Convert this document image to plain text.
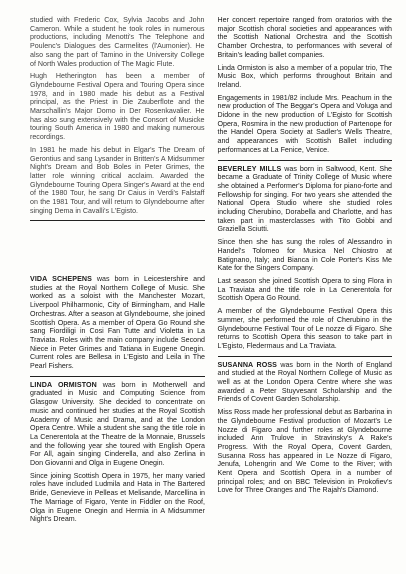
studied with Frederic Cox, Sylvia Jacobs and John Cameron. While a student he took roles in numerous productions, including Menotti's The Telephone and Poulenc's Dialogues des Carmelites (l'Aumonier). He also sang the part of Tamino in the University College of North Wales production of The Magic Flute.

Hugh Hetherington has been a member of Glyndebourne Festival Opera and Touring Opera since 1978, and in 1980 made his debut as a Festival principal, as the Priest in Die Zauberflote and the Marschallin's Major Domo in Der Rosenkavalier. He has also sung extensively with the Consort of Musicke touring South America in 1980 and making numerous recordings.

In 1981 he made his debut in Elgar's The Dream of Gerontius and sang Lysander in Britten's A Midsummer Night's Dream and Bob Boles in Peter Grimes, the latter role winning critical acclaim. Awarded the Glyndebourne Touring Opera Singer's Award at the end of the 1980 Tour, he sang Dr Caius in Verdi's Falstaff on the 1981 Tour, and will return to Glyndebourne after singing Dema in Cavalli's L'Egisto.

Her concert repertoire ranged from oratorios with the major Scottish choral societies and appearances with the Scottish National Orchestra and the Scottish Chamber Orchestra, to performances with several of Britain's leading ballet companies.

Linda Ormiston is also a member of a popular trio, The Music Box, which performs throughout Britain and Ireland.

Engagements in 1981/82 include Mrs. Peachum in the new production of The Beggar's Opera and Voluga and Didone in the new production of L'Egisto for Scottish Opera, Rosmira in the new production of Partenope for the Handel Opera Society at Sadler's Wells Theatre, and appearances with Scottish Ballet including performances at La Fenice, Venice.

BEVERLEY MILLS was born in Saltwood, Kent. She became a Graduate of Trinity College of Music where she obtained a Performer's Diploma for piano-forte and Fellowship for singing. For two years she attended the National Opera Studio where she studied roles including Cherubino, Dorabella and Charlotte, and has taken part in masterclasses with Tito Gobbi and Graziella Sciutti.

Since then she has sung the roles of Alessandro in Handel's Tolomeo for Musica Nel Chiostro at Batignano, Italy; and Bianca in Cole Porter's Kiss Me Kate for the Singers Company.

Last season she joined Scottish Opera to sing Flora in La Traviata and the title role in La Cenerentola for Scottish Opera Go Round.

A member of the Glyndebourne Festival Opera this summer, she performed the role of Cherubino in the Glyndebourne Festival Tour of Le nozze di Figaro. She returns to Scottish Opera this season to take part in L'Egisto, Fledermaus and La Traviata.

SUSANNA ROSS was born in the North of England and studied at the Royal Northern College of Music as well as at the London Opera Centre where she was awarded a Peter Stuyvesant Scholarship and the Friends of Covent Garden Scholarship.

Miss Ross made her professional debut as Barbarina in the Glyndebourne Festival production of Mozart's Le Nozze di Figaro and further roles at Glyndebourne included Ann Trulove in Stravinsky's A Rake's Progress. With the Royal Opera, Covent Garden, Susanna Ross has appeared in Le Nozze di Figaro, Jenufa, Lohengrin and We Come to the River; with Kent Opera and Scottish Opera in a number of principal roles; and on BBC Television in Prokofiev's Love for Three Oranges and The Rajah's Diamond.

VIDA SCHEPENS was born in Leicestershire and studies at the Royal Northern College of Music. She worked as a soloist with the Manchester Mozart, Liverpool Philharmonic, City of Birmingham, and Halle Orchestras. After a season at Glyndebourne, she joined Scottish Opera. As a member of Opera Go Round she sang Fiordiligi in Cosi Fan Tutte and Violetta in La Traviata. Roles with the main company include Second Niece in Peter Grimes and Tatiana in Eugene Onegin. Current roles are Bellesa in L'Egisto and Leila in The Pearl Fishers.

LINDA ORMISTON was born in Motherwell and graduated in Music and Computing Science from Glasgow University. She decided to concentrate on music and continued her studies at the Royal Scottish Academy of Music and Drama, and at the London Opera Centre. While a student she sang the title role in La Cenerentola at the Theatre de la Monnaie, Brussels and the following year she toured with English Opera For All, again singing Cinderella, and also Zerlina in Don Giovanni and Olga in Eugene Onegin.

Since joining Scottish Opera in 1975, her many varied roles have included Ludmila and Hata in The Bartered Bride, Genevieve in Pelleas et Melisande, Marcellina in The Marriage of Figaro, Yente in Fiddler on the Roof, Olga in Eugene Onegin and Hermia in A Midsummer Night's Dream.
